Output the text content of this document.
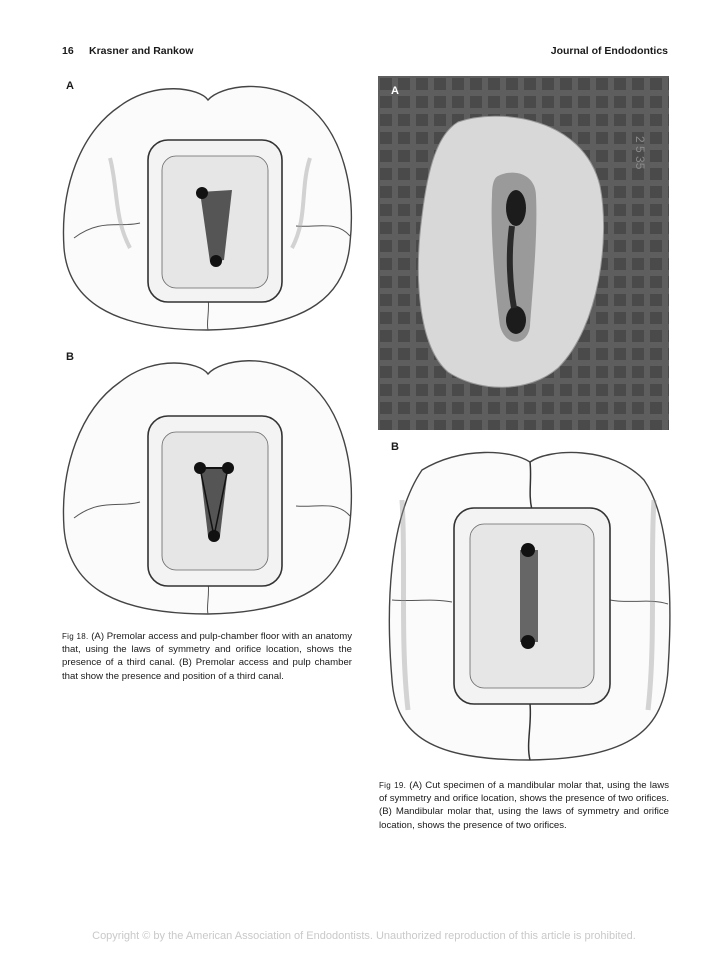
16 Krasner and Rankow	Journal of Endodontics
A
B
Fig 18. (A) Premolar access and pulp-chamber floor with an anatomy that, using the laws of symmetry and orifice location, shows the presence of a third canal. (B) Premolar access and pulp chamber that show the presence and position of a third canal.
2 5 35
A
B
Fig 19. (A) Cut specimen of a mandibular molar that, using the laws of symmetry and orifice location, shows the presence of two orifices. (B) Mandibular molar that, using the laws of symmetry and orifice location, shows the presence of two orifices.
Copyright © by the American Association of Endodontists. Unauthorized reproduction of this article is prohibited.
